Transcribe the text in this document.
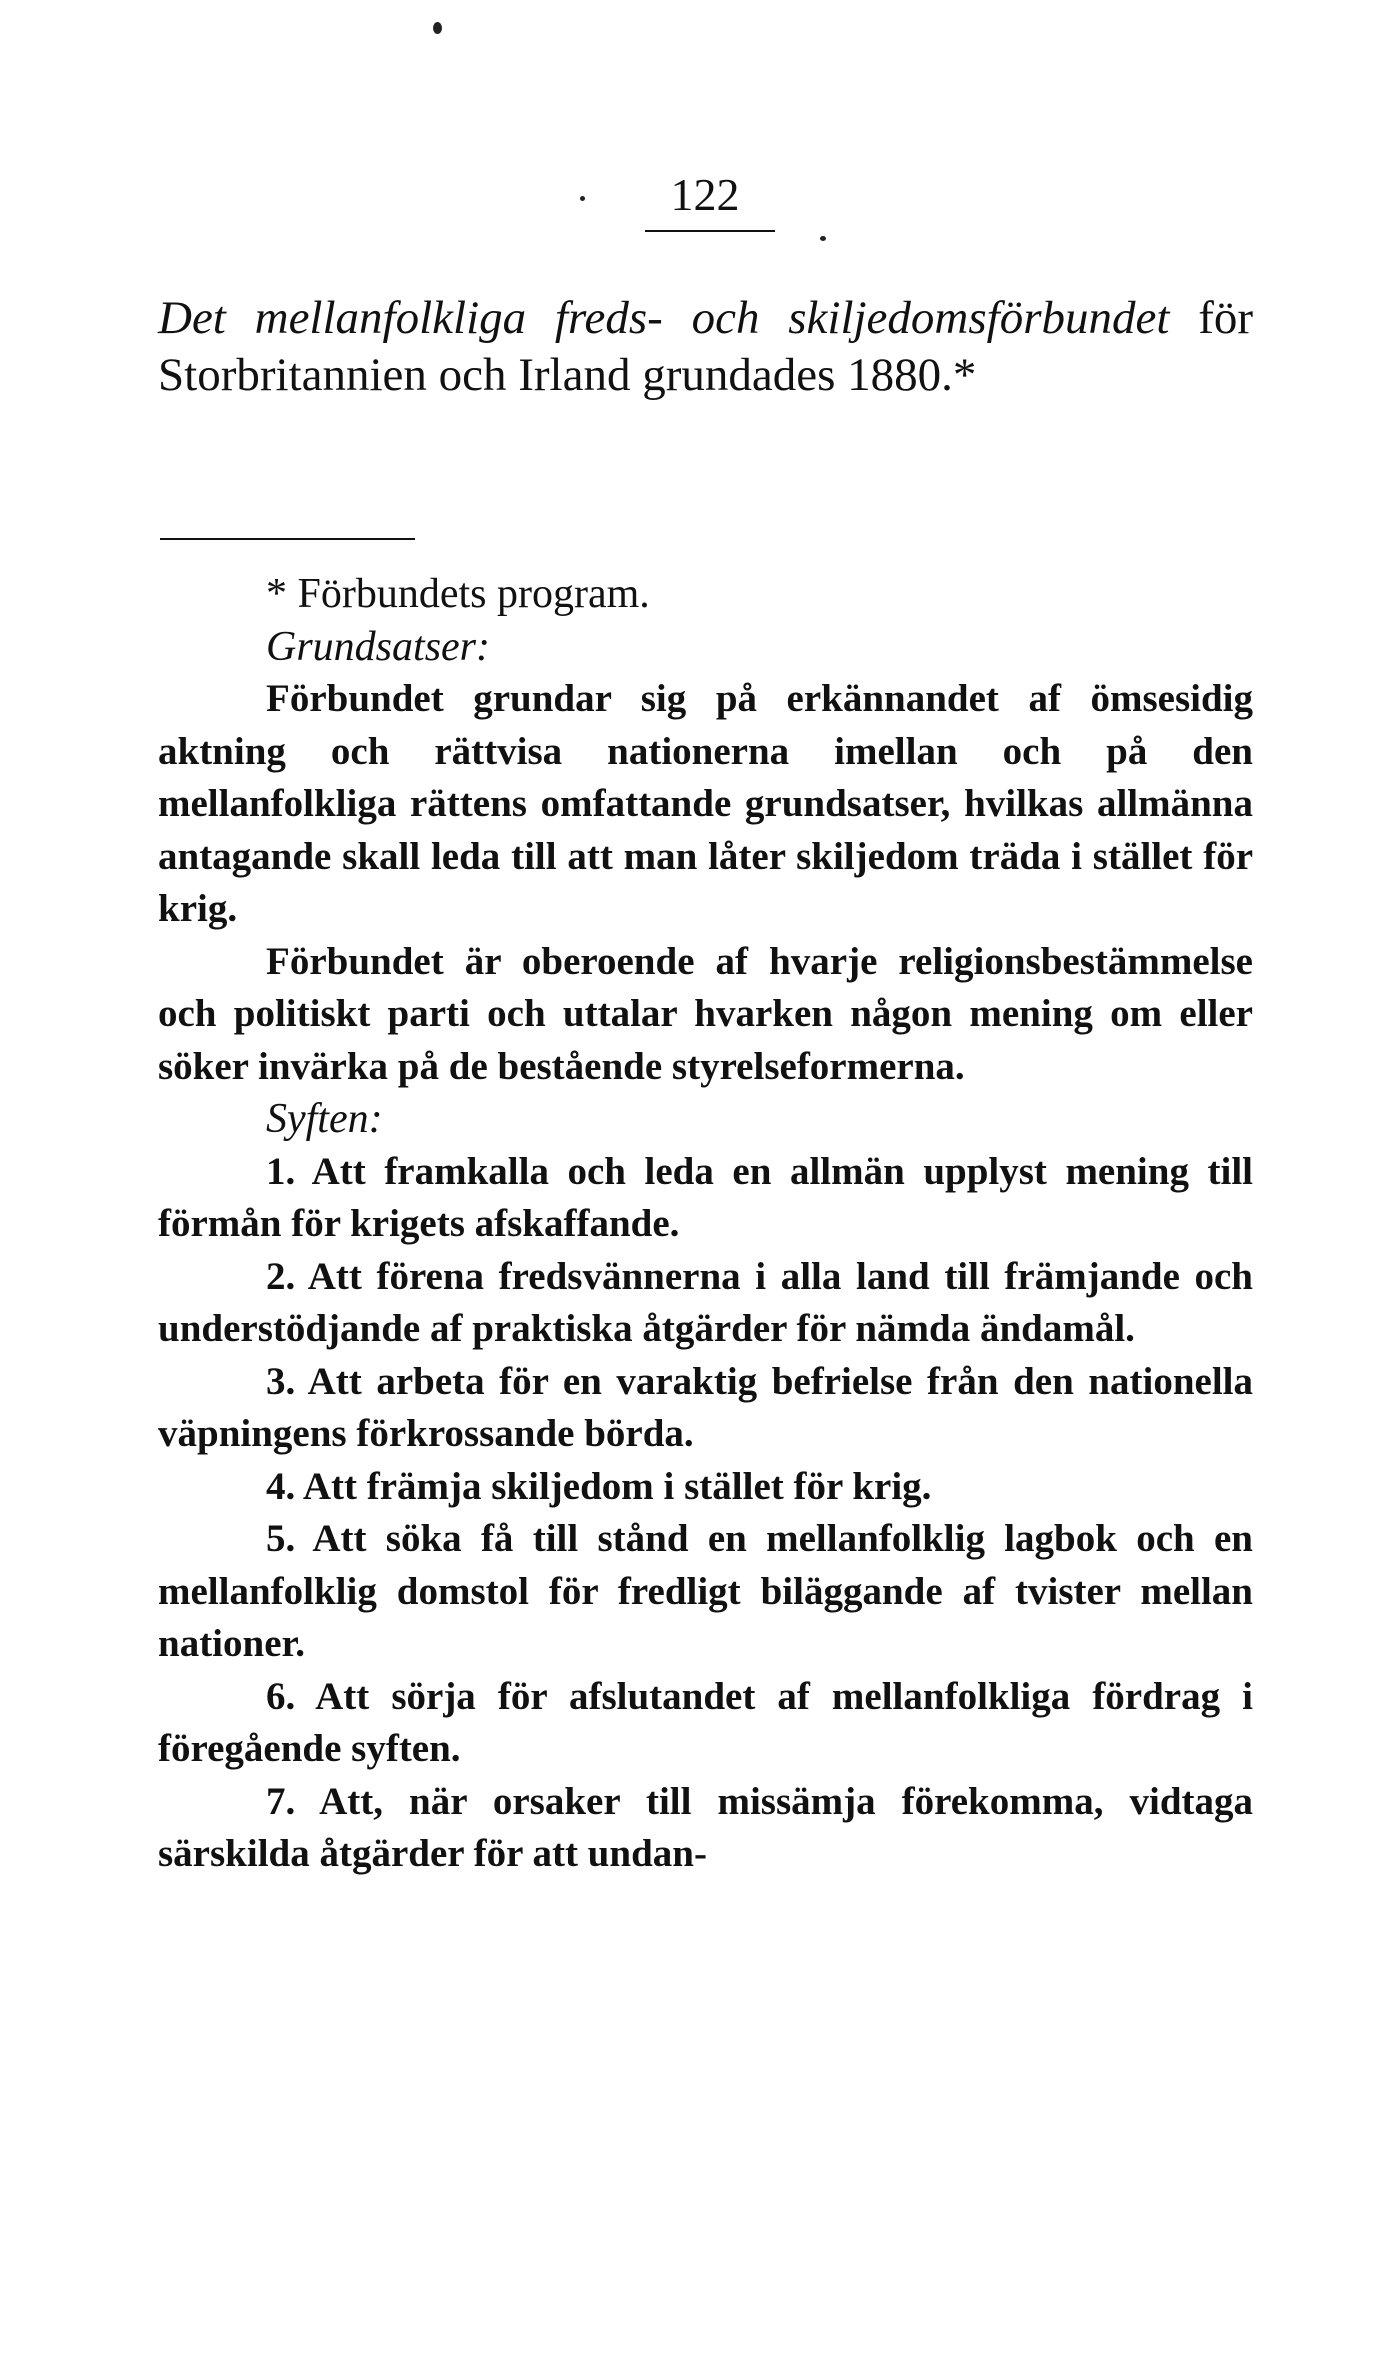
122
Det mellanfolkliga freds- och skiljedomsförbundet för Storbritannien och Irland grundades 1880.*

* Förbundets program.

Grundsatser:

Förbundet grundar sig på erkännandet af ömsesidig aktning och rättvisa nationerna imellan och på den mellanfolkliga rättens omfattande grundsatser, hvilkas allmänna antagande skall leda till att man låter skiljedom träda i stället för krig.

Förbundet är oberoende af hvarje religionsbestämmelse och politiskt parti och uttalar hvarken någon mening om eller söker invärka på de bestående styrelseformerna.

Syften:

1. Att framkalla och leda en allmän upplyst mening till förmån för krigets afskaffande.

2. Att förena fredsvännerna i alla land till främjande och understödjande af praktiska åtgärder för nämda ändamål.

3. Att arbeta för en varaktig befrielse från den nationella väpningens förkrossande börda.

4. Att främja skiljedom i stället för krig.

5. Att söka få till stånd en mellanfolklig lagbok och en mellanfolklig domstol för fredligt biläggande af tvister mellan nationer.

6. Att sörja för afslutandet af mellanfolkliga fördrag i föregående syften.

7. Att, när orsaker till missämja förekomma, vidtaga särskilda åtgärder för att undan-
